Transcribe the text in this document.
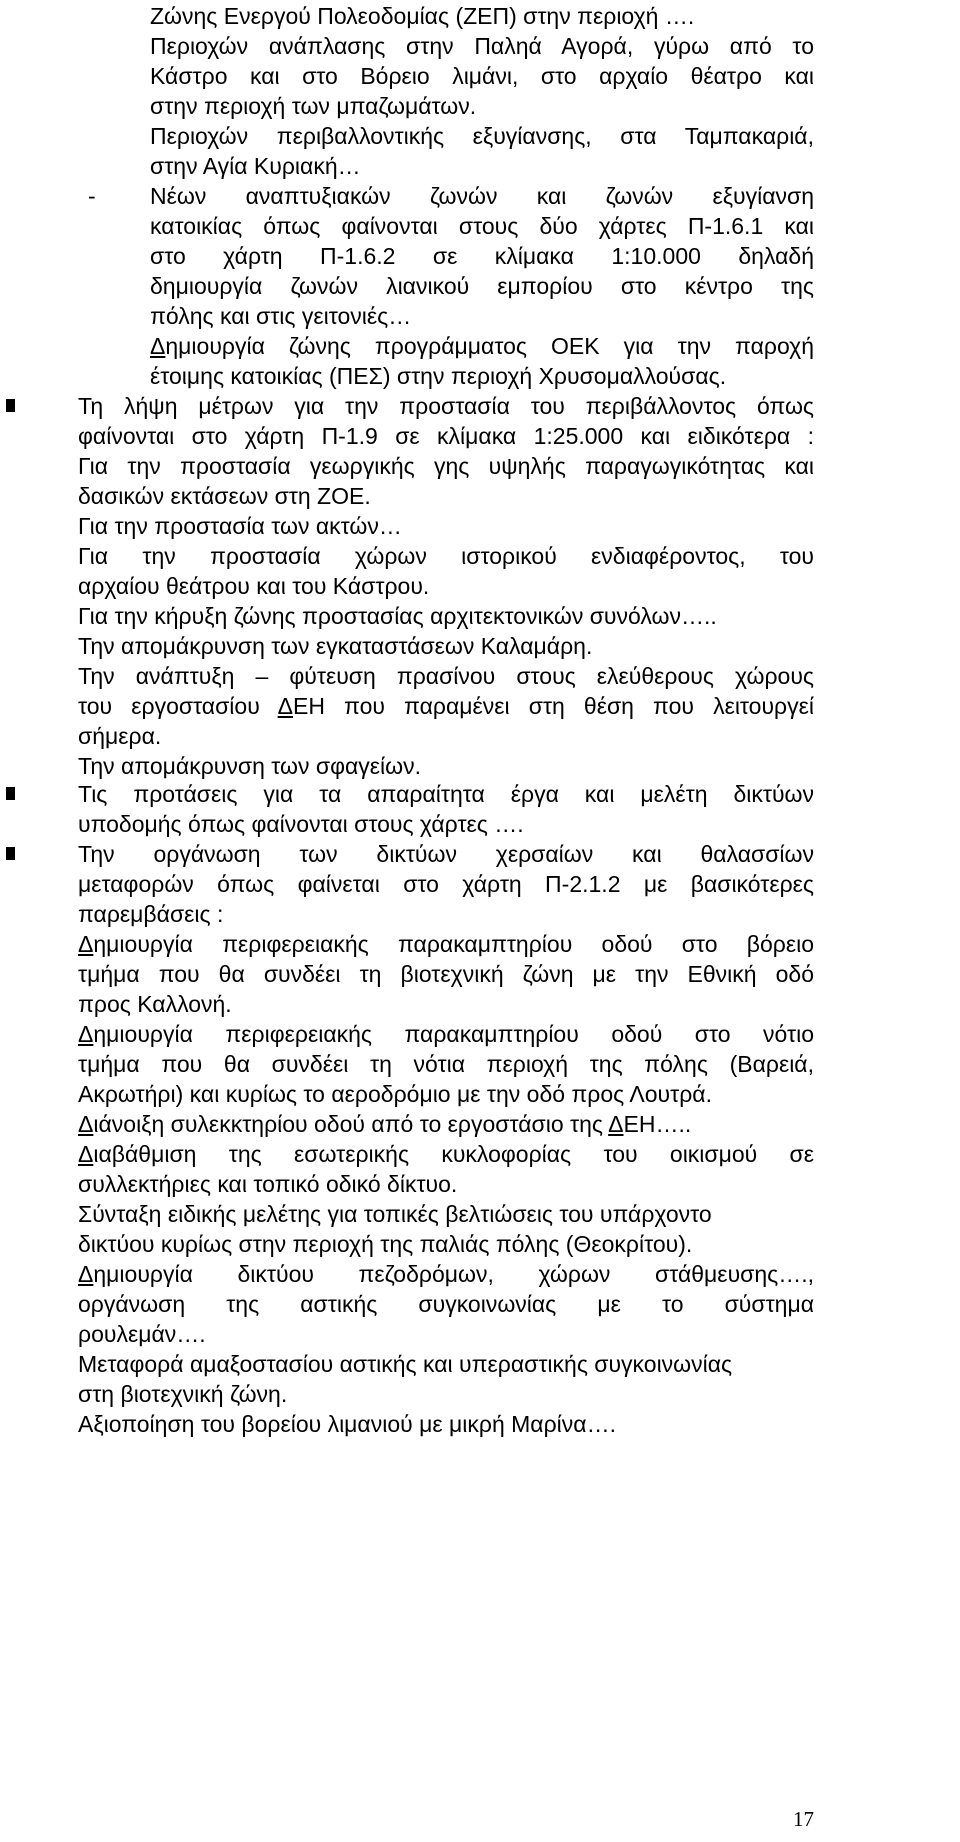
Ζώνης Ενεργού Πολεοδομίας (ΖΕΠ) στην περιοχή ….
Περιοχών ανάπλασης στην Παληά Αγορά, γύρω από το
Κάστρο και στο Βόρειο λιμάνι, στο αρχαίο θέατρο και
στην περιοχή των μπαζωμάτων.
Περιοχών περιβαλλοντικής εξυγίανσης, στα Ταμπακαριά,
στην Αγία Κυριακή…
- Νέων αναπτυξιακών ζωνών και ζωνών εξυγίανση
κατοικίας όπως φαίνονται στους δύο χάρτες Π-1.6.1 και
στο χάρτη Π-1.6.2 σε κλίμακα 1:10.000 δηλαδή
δημιουργία ζωνών λιανικού εμπορίου στο κέντρο της
πόλης και στις γειτονιές…
Δημιουργία ζώνης προγράμματος ΟΕΚ για την παροχή
έτοιμης κατοικίας (ΠΕΣ) στην περιοχή Χρυσομαλλούσας.
Τη λήψη μέτρων για την προστασία του περιβάλλοντος όπως
φαίνονται στο χάρτη Π-1.9 σε κλίμακα 1:25.000 και ειδικότερα :
Για την προστασία γεωργικής γης υψηλής παραγωγικότητας και
δασικών εκτάσεων στη ΖΟΕ.
Για την προστασία των ακτών…
Για την προστασία χώρων ιστορικού ενδιαφέροντος, του
αρχαίου θεάτρου και του Κάστρου.
Για την κήρυξη ζώνης προστασίας αρχιτεκτονικών συνόλων…..
Την απομάκρυνση των εγκαταστάσεων Καλαμάρη.
Την ανάπτυξη – φύτευση πρασίνου στους ελεύθερους χώρους
του εργοστασίου ΔΕΗ που παραμένει στη θέση που λειτουργεί
σήμερα.
Την απομάκρυνση των σφαγείων.
Τις προτάσεις για τα απαραίτητα έργα και μελέτη δικτύων
υποδομής όπως φαίνονται στους χάρτες ….
Την οργάνωση των δικτύων χερσαίων και θαλασσίων
μεταφορών όπως φαίνεται στο χάρτη Π-2.1.2 με βασικότερες
παρεμβάσεις :
Δημιουργία περιφερειακής παρακαμπτηρίου οδού στο βόρειο
τμήμα που θα συνδέει τη βιοτεχνική ζώνη με την Εθνική οδό
προς Καλλονή.
Δημιουργία περιφερειακής παρακαμπτηρίου οδού στο νότιο
τμήμα που θα συνδέει τη νότια περιοχή της πόλης (Βαρειά,
Ακρωτήρι) και κυρίως το αεροδρόμιο με την οδό προς Λουτρά.
Διάνοιξη συλεκκτηρίου οδού από το εργοστάσιο της ΔΕΗ…..
Διαβάθμιση της εσωτερικής κυκλοφορίας του οικισμού σε
συλλεκτήριες και τοπικό οδικό δίκτυο.
Σύνταξη ειδικής μελέτης για τοπικές βελτιώσεις του υπάρχοντο
δικτύου κυρίως στην περιοχή της παλιάς πόλης (Θεοκρίτου).
Δημιουργία δικτύου πεζοδρόμων, χώρων στάθμευσης….,
οργάνωση της αστικής συγκοινωνίας με το σύστημα
ρουλεμάν….
Μεταφορά αμαξοστασίου αστικής και υπεραστικής συγκοινωνίας
στη βιοτεχνική ζώνη.
Αξιοποίηση του βορείου λιμανιού με μικρή Μαρίνα….
17
